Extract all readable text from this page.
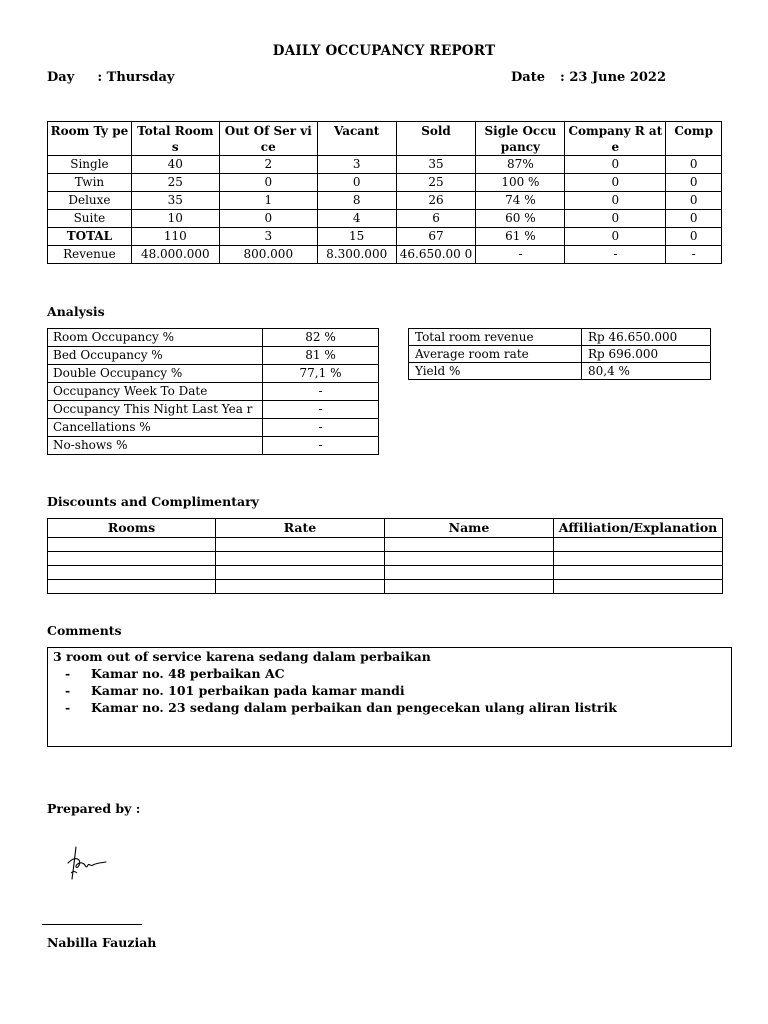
DAILY OCCUPANCY REPORT
Day : Thursday	Date : 23 June 2022
Room Ty pe	Total Room s	Out Of Ser vice	Vacant	Sold	Sigle Occu pancy	Company R ate	Comp
Single	40	2	3	35	87%	0	0
Twin	25	0	0	25	100 %	0	0
Deluxe	35	1	8	26	74 %	0	0
Suite	10	0	4	6	60 %	0	0
TOTAL	110	3	15	67	61 %	0	0
Revenue	48.000.000	800.000	8.300.000	46.650.00 0	-	-	-
Analysis
Room Occupancy %	82 %
Bed Occupancy %	81 %
Double Occupancy %	77,1 %
Occupancy Week To Date	-
Occupancy This Night Last Yea r	-
Cancellations %	-
No-shows %	-
Total room revenue	Rp 46.650.000
Average room rate	Rp 696.000
Yield %	80,4 %
Discounts and Complimentary
Rooms	Rate	Name	Affiliation/Explanation

Comments
3 room out of service karena sedang dalam perbaikan
- Kamar no. 48 perbaikan AC
- Kamar no. 101 perbaikan pada kamar mandi
- Kamar no. 23 sedang dalam perbaikan dan pengecekan ulang aliran listrik
Prepared by :
Nabilla Fauziah
